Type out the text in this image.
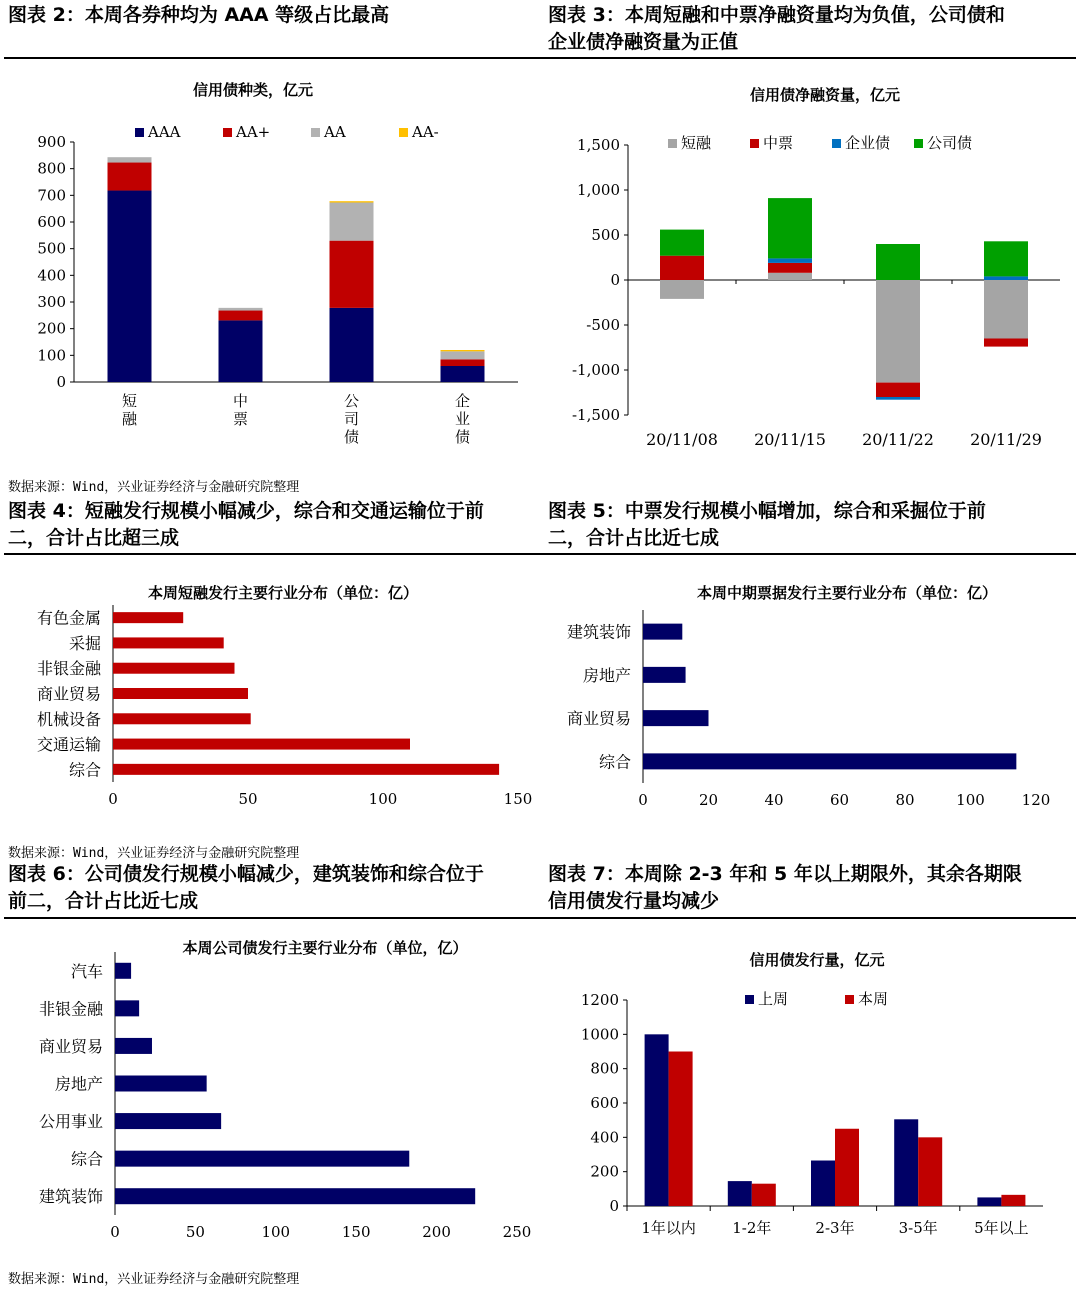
图表 2：本周各券种均为 AAA 等级占比最高	图表 3：本周短融和中票净融资量均为负值，公司债和
企业债净融资量为正值
信用债种类，亿元
AAA	AA+	AA	AA-
0
100
200
300
400
500
600
700
800
900
短
融
中
票
公
司
债
企
业
债
信用债净融资量，亿元
短融	中票	企业债 公司债
-1,500
-1,000
-500
0
500
1,000
1,500
20/11/08 20/11/15 20/11/22 20/11/29
数据来源：Wind，兴业证券经济与金融研究院整理
图表 4：短融发行规模小幅减少，综合和交通运输位于前
二，合计占比超三成
图表 5：中票发行规模小幅增加，综合和采掘位于前
二，合计占比近七成
本周短融发行主要行业分布（单位：亿）
0	50	100	150
有色金属
采掘
非银金融
商业贸易
机械设备
交通运输
综合
本周中期票据发行主要行业分布（单位：亿）
0	20	40	60	80	100 120
建筑装饰
房地产
商业贸易
综合
数据来源：Wind，兴业证券经济与金融研究院整理
图表 6：公司债发行规模小幅减少，建筑装饰和综合位于
前二，合计占比近七成
图表 7：本周除 2-3 年和 5 年以上期限外，其余各期限
信用债发行量均减少
本周公司债发行主要行业分布（单位，亿）
0	50	100	150	200	250
汽车
非银金融
商业贸易
房地产
公用事业
综合
建筑装饰
信用债发行量，亿元
上周	本周
0
200
400
600
800
1000
1200
1年以内 1-2年	2-3年	3-5年 5年以上
数据来源：Wind，兴业证券经济与金融研究院整理
